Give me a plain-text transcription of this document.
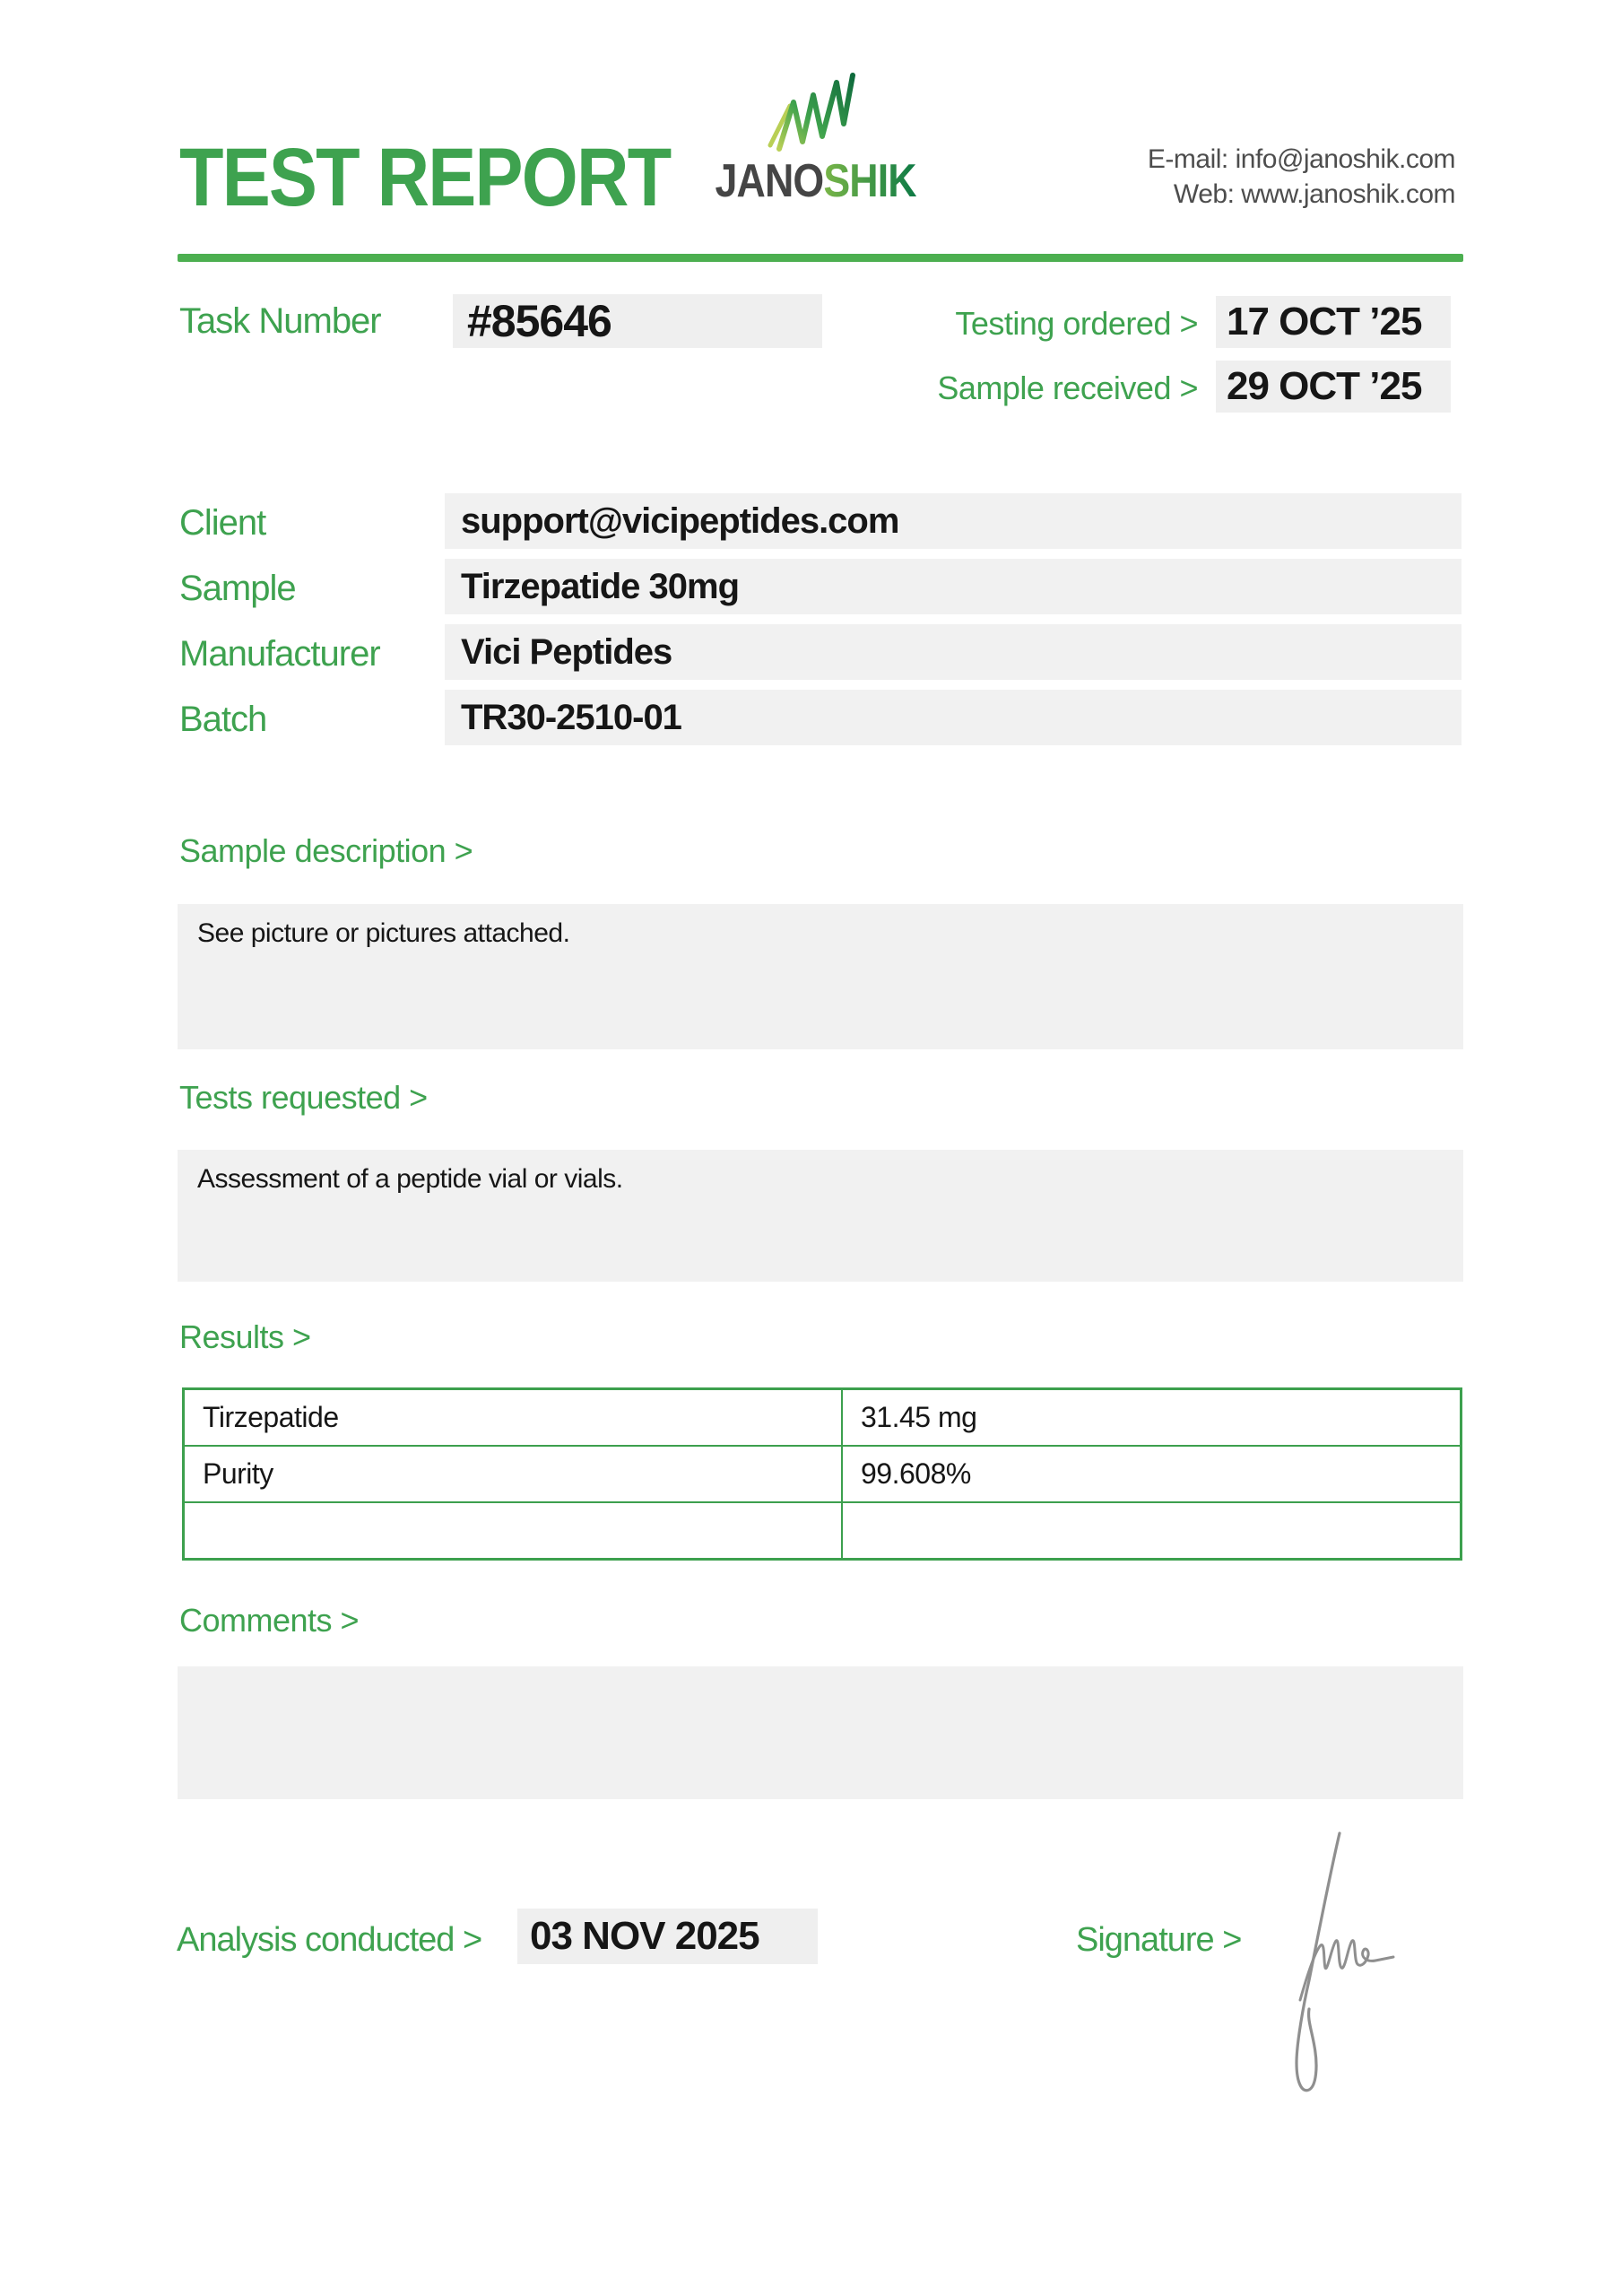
TEST REPORT JANOSHIK	E-mail: info@janoshik.com
Web: www.janoshik.com
Task Number	#85646	Testing ordered > 17 OCT ’25
Sample received > 29 OCT ’25
Client	support@vicipeptides.com
Sample	Tirzepatide 30mg
Manufacturer	Vici Peptides
Batch	TR30-2510-01
Sample description >
See picture or pictures attached.
Tests requested >
Assessment of a peptide vial or vials.
Results >
Tirzepatide	31.45 mg
Purity	99.608%

Comments >
Analysis conducted >	03 NOV 2025	Signature >
